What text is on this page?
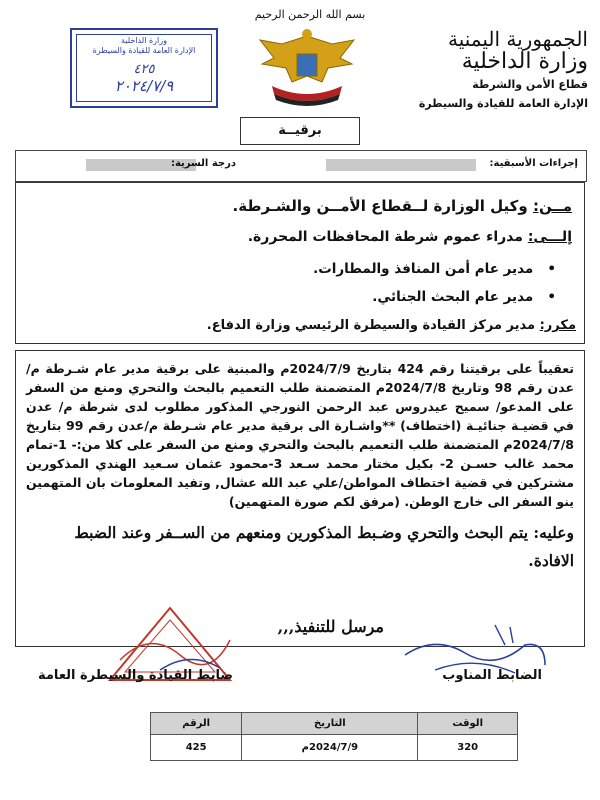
بسم الله الرحمن الرحيم
وزارة الداخلية
الإدارة العامة للقيادة والسيطرة
٤٢٥
٢٠٢٤/٧/٩
الجمهورية اليمنية
وزارة الداخلية
قطاع الأمن والشرطة
الإدارة العامة للقيادة والسيطرة
برقيــة
إجراءات الأسبقية:
درجة السرية:
مــن: وكيل الوزارة لــقطاع الأمــن والشـرطة.
إلـــى: مدراء عموم شرطة المحافظات المحررة.
•   مدير عام أمن المنافذ والمطارات.
•   مدير عام البحث الجنائي.
مكرر: مدير مركز القيادة والسيطرة الرئيسي وزارة الدفاع.

تعقيباً على برقيتنا رقم 424 بتاريخ 2024/7/9م والمبنية على برقية مدير عام شـرطة م/عدن رقم 98 وتاريخ 2024/7/8م المتضمنة طلب التعميم بالبحث والتحري ومنع من السفر على المدعو/ سميح عيدروس عبد الرحمن النورجي المذكور مطلوب لدى شرطة م/ عدن في قضيـة جنائيـة (اختطاف) **واشـارة الى برقية مدير عام شـرطة م/عدن رقم 99 بتاريخ 2024/7/8م المتضمنة طلب التعميم بالبحث والتحري ومنع من السفر على كلا من:- 1-تمام محمد غالب حسـن 2- بكيل مختار محمد سـعد 3-محمود عثمان سـعيد الهندي المذكورين مشتركين في قضية اختطاف المواطن/علي عبد الله عشال, وتفيد المعلومات بان المتهمين ينو السفر الى خارج الوطن. (مرفق لكم صورة المتهمين)

وعليه: يتم البحث والتحري وضـبط المذكورين ومنعهم من الســفر وعند الضبط الافادة.

مرسل للتنفيذ,,,
ضابط القيادة والسيطرة العامة	الضابط المناوب
الوقت	التاريخ	الرقم
320	2024/7/9م	425
